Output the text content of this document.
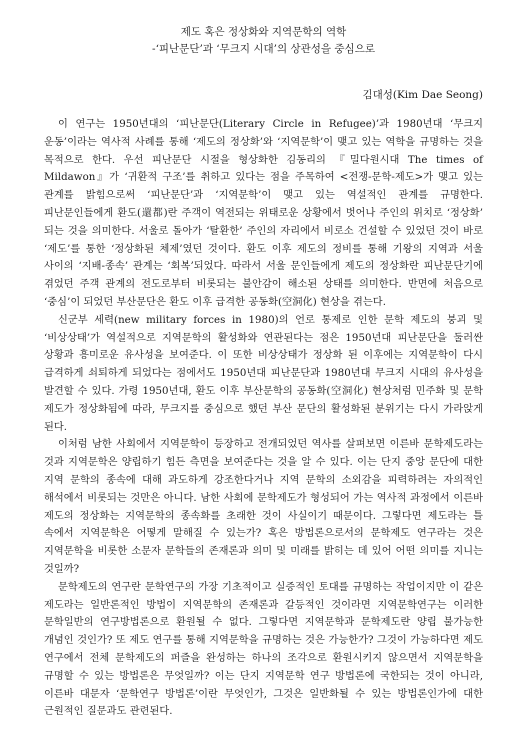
제도 혹은 정상화와 지역문학의 역학
-‘피난문단’과 ‘무크지 시대’의 상관성을 중심으로
김대성(Kim Dae Seong)

이 연구는 1950년대의 ‘피난문단(Literary Circle in Refugee)’과 1980년대 ‘무크지 운동’이라는 역사적 사례를 통해 ‘제도의 정상화’와 ‘지역문학’이 맺고 있는 역학을 규명하는 것을 목적으로 한다. 우선 피난문단 시절을 형상화한 김동리의 『밀다원시대 The times of Mildawon』가 ‘귀환적 구조’를 취하고 있다는 점을 주목하여 <전쟁-문학-제도>가 맺고 있는 관계를 밝힘으로써 ‘피난문단’과 ‘지역문학’이 맺고 있는 역설적인 관계를 규명한다. 피난문인들에게 환도(還都)란 주객이 역전되는 위태로운 상황에서 벗어나 주인의 위치로 ‘정상화’ 되는 것을 의미한다. 서울로 돌아가 ‘탈환한’ 주인의 자리에서 비로소 건설할 수 있었던 것이 바로 ‘제도’를 통한 ‘정상화된 체제’였던 것이다. 환도 이후 제도의 정비를 통해 기왕의 지역과 서울 사이의 ‘지배-종속’ 관계는 ‘회복’되었다. 따라서 서울 문인들에게 제도의 정상화란 피난문단기에 겪었던 주객 관계의 전도로부터 비롯되는 불안감이 해소된 상태를 의미한다. 반면에 처음으로 ‘중심’이 되었던 부산문단은 환도 이후 급격한 공동화(空洞化) 현상을 겪는다.

신군부 세력(new military forces in 1980)의 언로 통제로 인한 문학 제도의 붕괴 및 ‘비상상태’가 역설적으로 지역문학의 활성화와 연관된다는 점은 1950년대 피난문단을 둘러싼 상황과 흥미로운 유사성을 보여준다. 이 또한 비상상태가 정상화 된 이후에는 지역문학이 다시 급격하게 쇠퇴하게 되었다는 점에서도 1950년대 피난문단과 1980년대 무크지 시대의 유사성을 발견할 수 있다. 가령 1950년대, 환도 이후 부산문학의 공동화(空洞化) 현상처럼 민주화 및 문학 제도가 정상화됨에 따라, 무크지를 중심으로 했던 부산 문단의 활성화된 분위기는 다시 가라앉게 된다.

이처럼 남한 사회에서 지역문학이 등장하고 전개되었던 역사를 살펴보면 이른바 문학제도라는 것과 지역문학은 양립하기 힘든 측면을 보여준다는 것을 알 수 있다. 이는 단지 중앙 문단에 대한 지역 문학의 종속에 대해 과도하게 강조한다거나 지역 문학의 소외감을 피력하려는 자의적인 해석에서 비롯되는 것만은 아니다. 남한 사회에 문학제도가 형성되어 가는 역사적 과정에서 이른바 제도의 정상화는 지역문학의 종속화를 초래한 것이 사실이기 때문이다. 그렇다면 제도라는 틀 속에서 지역문학은 어떻게 말해질 수 있는가? 혹은 방법론으로서의 문학제도 연구라는 것은 지역문학을 비롯한 소문자 문학들의 존재론과 의미 및 미래를 밝히는 데 있어 어떤 의미를 지니는 것일까?

문학제도의 연구란 문학연구의 가장 기초적이고 실증적인 토대를 규명하는 작업이지만 이 같은 제도라는 일반론적인 방법이 지역문학의 존재론과 갈등적인 것이라면 지역문학연구는 이러한 문학일반의 연구방법론으로 환원될 수 없다. 그렇다면 지역문학과 문학제도란 양립 불가능한 개념인 것인가? 또 제도 연구를 통해 지역문학을 규명하는 것은 가능한가? 그것이 가능하다면 제도 연구에서 전체 문학제도의 퍼즐을 완성하는 하나의 조각으로 환원시키지 않으면서 지역문학을 규명할 수 있는 방법론은 무엇일까? 이는 단지 지역문학 연구 방법론에 국한되는 것이 아니라, 이른바 대문자 ‘문학연구 방법론’이란 무엇인가, 그것은 일반화될 수 있는 방법론인가에 대한 근원적인 질문과도 관련된다.
